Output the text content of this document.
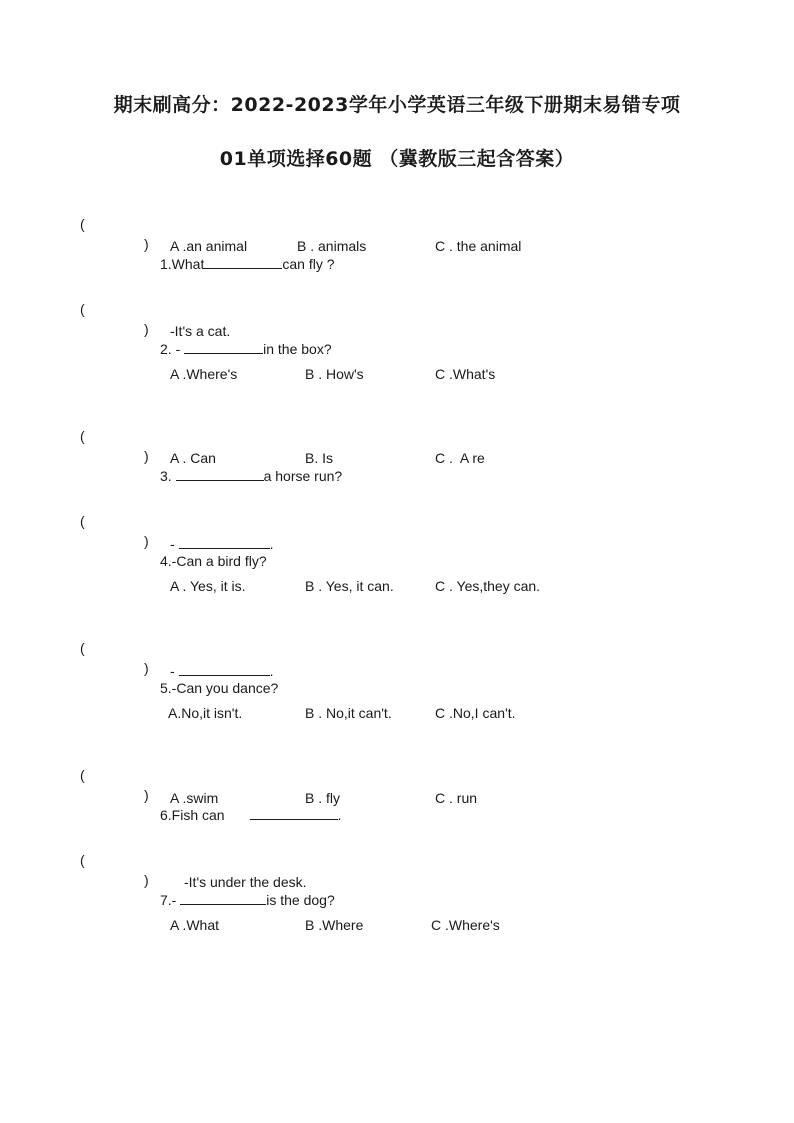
期末刷高分：2022-2023学年小学英语三年级下册期末易错专项
01单项选择60题 （冀教版三起含答案）

(

)

1.What	can fly ?

A .an animal	B . animals	C . the animal

(

)

2. -	in the box?

-It's a cat.
A .Where's	B . How's	C .What's

(

)

3.	a horse run?

A . Can	B. Is	C .  A re

(

)

4.-Can a bird fly?

-	.
A . Yes, it is.	B . Yes, it can.	C . Yes,they can.

(

)

5.-Can you dance?

-	.
A.No,it isn't.	B . No,it can't.	C .No,I can't.

(

)

6.Fish can	.

A .swim	B . fly	C . run

(

)

7.-	is the dog?

-It's under the desk.
A .What	B .Where	C .Where's
